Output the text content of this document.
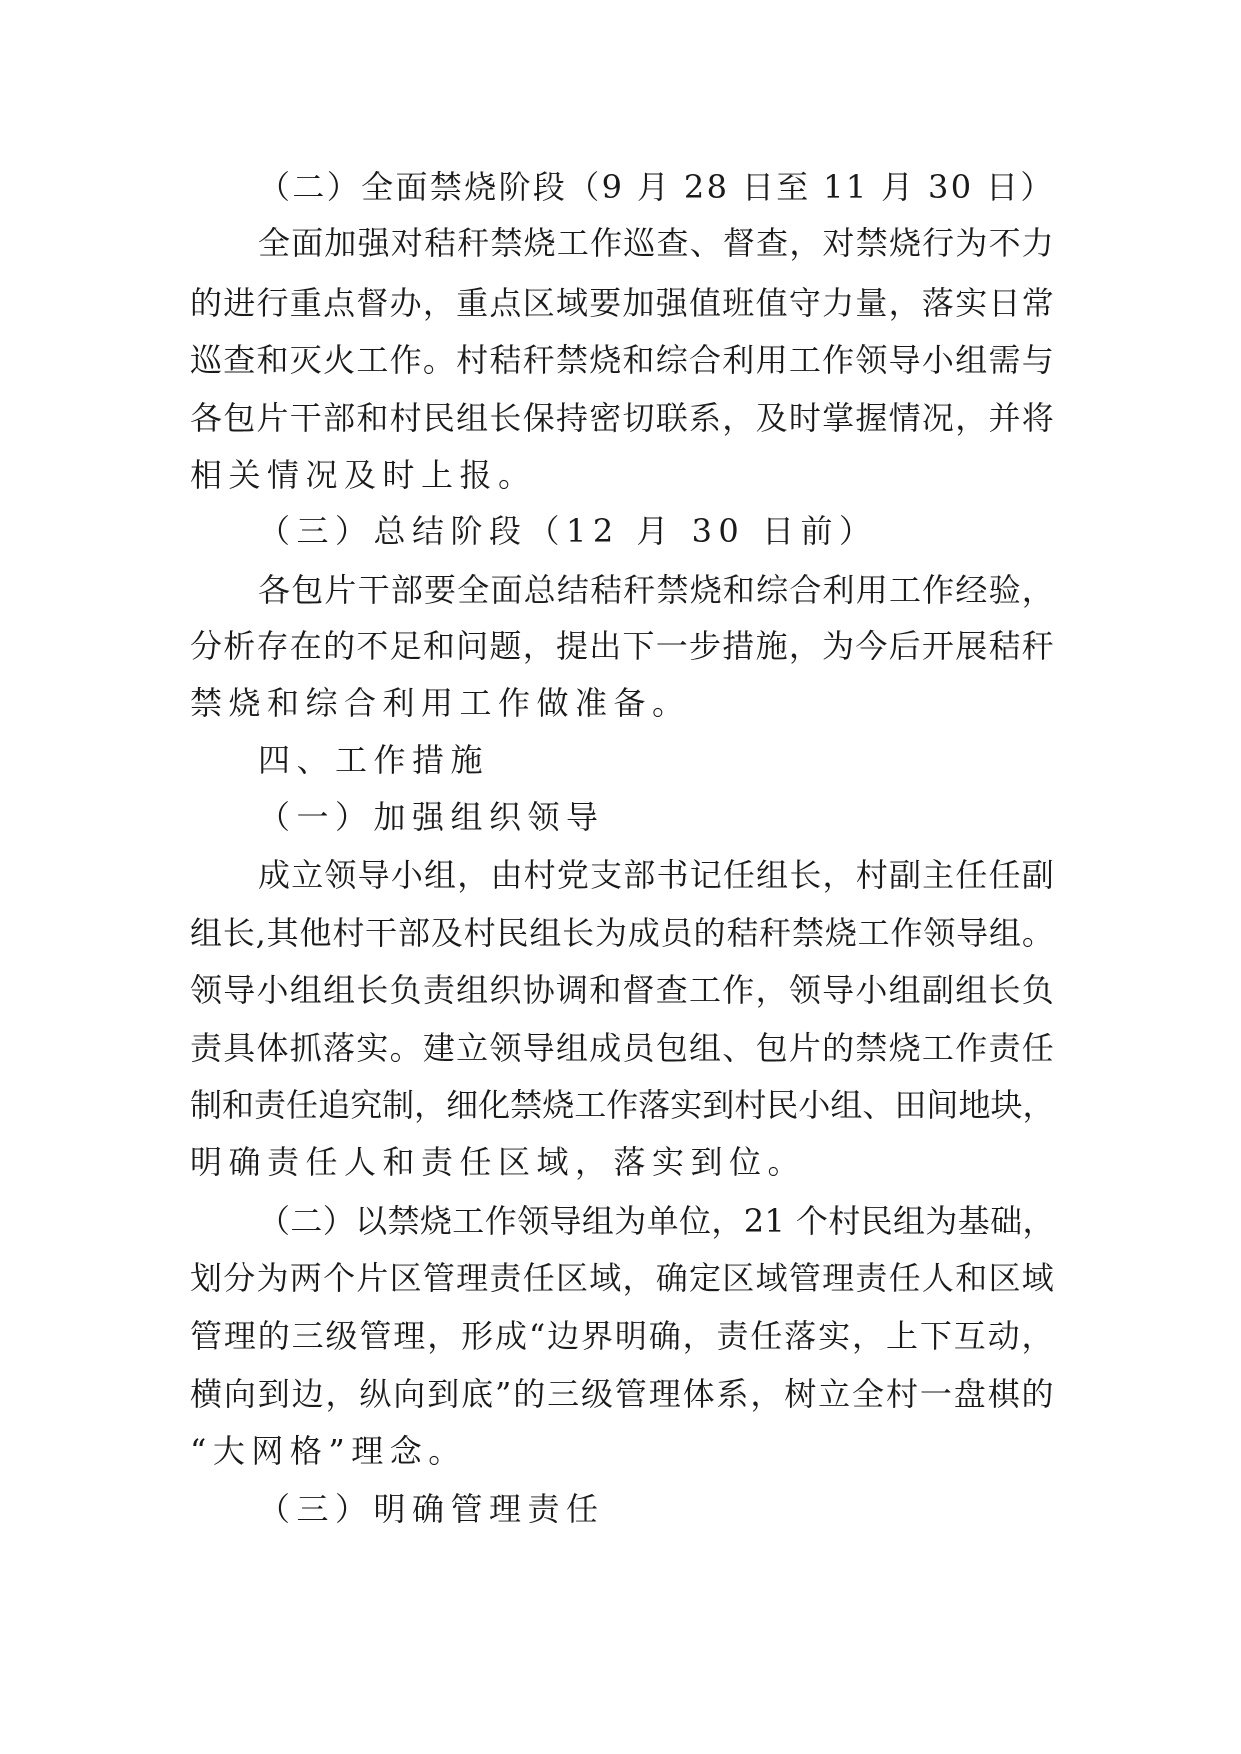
（二）全面禁烧阶段（9 月 28 日至 11 月 30 日）
全面加强对秸秆禁烧工作巡查、督查，对禁烧行为不力
的进行重点督办，重点区域要加强值班值守力量，落实日常
巡查和灭火工作。村秸秆禁烧和综合利用工作领导小组需与
各包片干部和村民组长保持密切联系，及时掌握情况，并将
相关情况及时上报。
（三）总结阶段（12 月 30 日前）
各包片干部要全面总结秸秆禁烧和综合利用工作经验，
分析存在的不足和问题，提出下一步措施，为今后开展秸秆
禁烧和综合利用工作做准备。
四、工作措施
（一）加强组织领导
成立领导小组，由村党支部书记任组长，村副主任任副
组长,其他村干部及村民组长为成员的秸秆禁烧工作领导组。
领导小组组长负责组织协调和督查工作，领导小组副组长负
责具体抓落实。建立领导组成员包组、包片的禁烧工作责任
制和责任追究制，细化禁烧工作落实到村民小组、田间地块，
明确责任人和责任区域，落实到位。
（二）以禁烧工作领导组为单位，21 个村民组为基础，
划分为两个片区管理责任区域，确定区域管理责任人和区域
管理的三级管理，形成“边界明确，责任落实，上下互动，
横向到边，纵向到底”的三级管理体系，树立全村一盘棋的
“大网格”理念。
（三）明确管理责任
